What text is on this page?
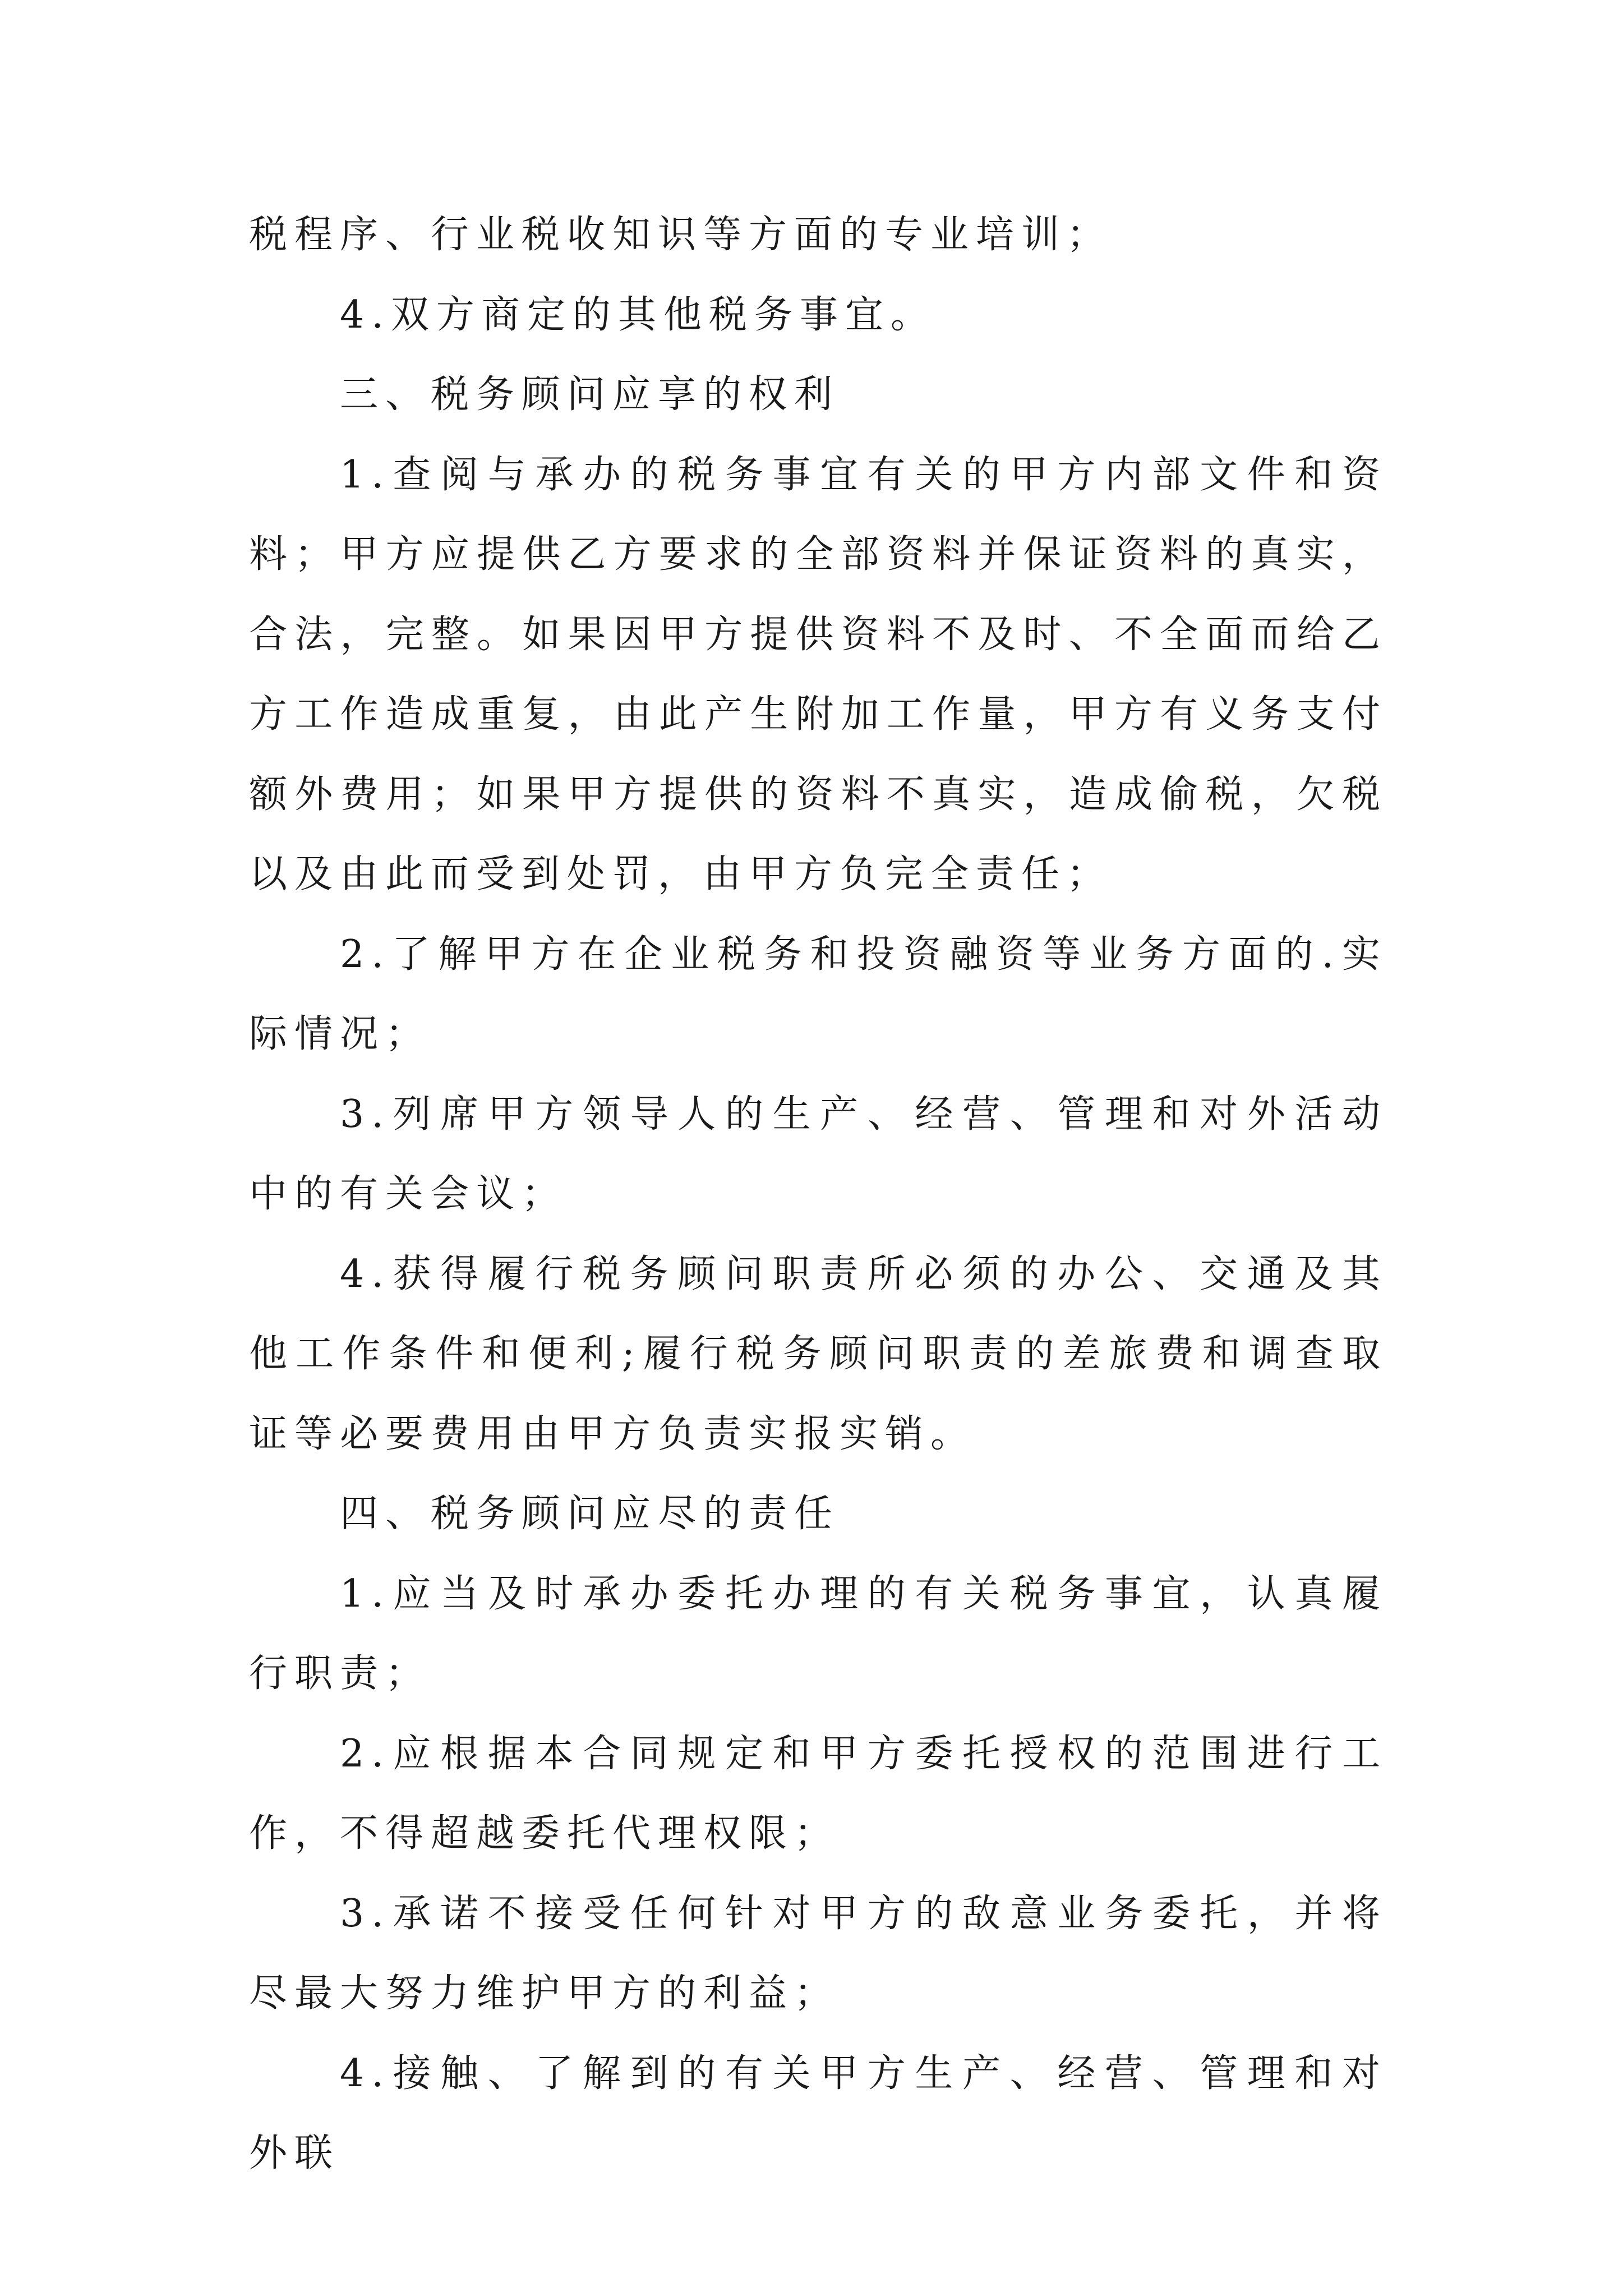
税程序、行业税收知识等方面的专业培训；

4.双方商定的其他税务事宜。

三、税务顾问应享的权利

1.查阅与承办的税务事宜有关的甲方内部文件和资料；甲方应提供乙方要求的全部资料并保证资料的真实，合法，完整。如果因甲方提供资料不及时、不全面而给乙方工作造成重复，由此产生附加工作量，甲方有义务支付额外费用；如果甲方提供的资料不真实，造成偷税，欠税以及由此而受到处罚，由甲方负完全责任；

2.了解甲方在企业税务和投资融资等业务方面的.实际情况；

3.列席甲方领导人的生产、经营、管理和对外活动中的有关会议；

4.获得履行税务顾问职责所必须的办公、交通及其他工作条件和便利;履行税务顾问职责的差旅费和调查取证等必要费用由甲方负责实报实销。

四、税务顾问应尽的责任

1.应当及时承办委托办理的有关税务事宜，认真履行职责；

2.应根据本合同规定和甲方委托授权的范围进行工作，不得超越委托代理权限；

3.承诺不接受任何针对甲方的敌意业务委托，并将尽最大努力维护甲方的利益；

4.接触、了解到的有关甲方生产、经营、管理和对外联
